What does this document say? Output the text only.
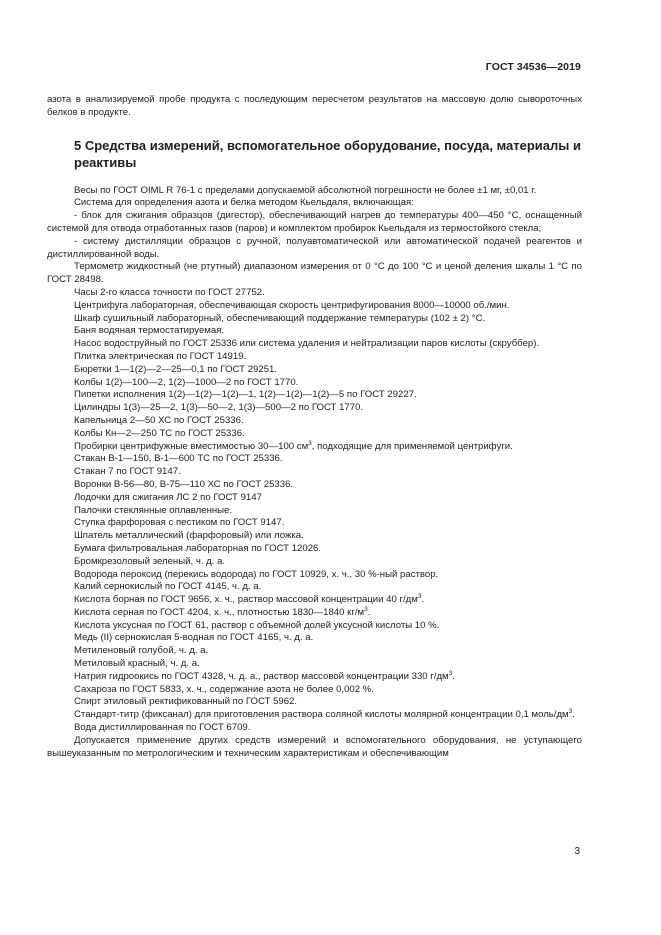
ГОСТ 34536—2019

азота в анализируемой пробе продукта с последующим пересчетом результатов на массовую долю сывороточных белков в продукте.

5 Средства измерений, вспомогательное оборудование, посуда, материалы и реактивы

Весы по ГОСТ OIML R 76-1 с пределами допускаемой абсолютной погрешности не более ±1 мг, ±0,01 г.

Система для определения азота и белка методом Кьельдаля, включающая:

- блок для сжигания образцов (дигестор), обеспечивающий нагрев до температуры 400—450 °C, оснащенный системой для отвода отработанных газов (паров) и комплектом пробирок Кьельдаля из термостойкого стекла;

- систему дистилляции образцов с ручной, полуавтоматической или автоматической подачей реагентов и дистиллированной воды.

Термометр жидкостный (не ртутный) диапазоном измерения от 0 °C до 100 °C и ценой деления шкалы 1 °C по ГОСТ 28498.

Часы 2-го класса точности по ГОСТ 27752.

Центрифуга лабораторная, обеспечивающая скорость центрифугирования 8000—10000 об./мин.

Шкаф сушильный лабораторный, обеспечивающий поддержание температуры (102 ± 2) °C.

Баня водяная термостатируемая.

Насос водоструйный по ГОСТ 25336 или система удаления и нейтрализации паров кислоты (скруббер).

Плитка электрическая по ГОСТ 14919.

Бюретки 1—1(2)—2—25—0,1 по ГОСТ 29251.

Колбы 1(2)—100—2, 1(2)—1000—2 по ГОСТ 1770.

Пипетки исполнения 1(2)—1(2)—1(2)—1, 1(2)—1(2)—1(2)—5 по ГОСТ 29227.

Цилиндры 1(3)—25—2, 1(3)—50—2, 1(3)—500—2 по ГОСТ 1770.

Капельница 2—50 ХС по ГОСТ 25336.

Колбы Кн—2—250 ТС по ГОСТ 25336.

Пробирки центрифужные вместимостью 30—100 $см^3$, подходящие для применяемой центрифуги.

Стакан В-1—150, В-1—600 ТС по ГОСТ 25336.

Стакан 7 по ГОСТ 9147.

Воронки В-56—80, В-75—110 ХС по ГОСТ 25336.

Лодочки для сжигания ЛС 2 по ГОСТ 9147

Палочки стеклянные оплавленные.

Ступка фарфоровая с пестиком по ГОСТ 9147.

Шпатель металлический (фарфоровый) или ложка.

Бумага фильтровальная лабораторная по ГОСТ 12026.

Бромкрезоловый зеленый, ч. д. а.

Водорода пероксид (перекись водорода) по ГОСТ 10929, х. ч., 30 %-ный раствор.

Калий сернокислый по ГОСТ 4145, ч. д. а.

Кислота борная по ГОСТ 9656, х. ч., раствор массовой концентрации 40 $г/дм^3$.

Кислота серная по ГОСТ 4204, х. ч., плотностью 1830—1840 $кг/м^3$.

Кислота уксусная по ГОСТ 61, раствор с объемной долей уксусной кислоты 10 %.

Медь (II) сернокислая 5-водная по ГОСТ 4165, ч. д. а.

Метиленовый голубой, ч. д. а.

Метиловый красный, ч. д. а.

Натрия гидроокись по ГОСТ 4328, ч. д. а., раствор массовой концентрации 330 $г/дм^3$.

Сахароза по ГОСТ 5833, х. ч., содержание азота не более 0,002 %.

Спирт этиловый ректификованный по ГОСТ 5962.

Стандарт-титр (фиксанал) для приготовления раствора соляной кислоты молярной концентрации 0,1 моль/$дм^3$.

Вода дистиллированная по ГОСТ 6709.

Допускается применение других средств измерений и вспомогательного оборудования, не уступающего вышеуказанным по метрологическим и техническим характеристикам и обеспечивающим

3
